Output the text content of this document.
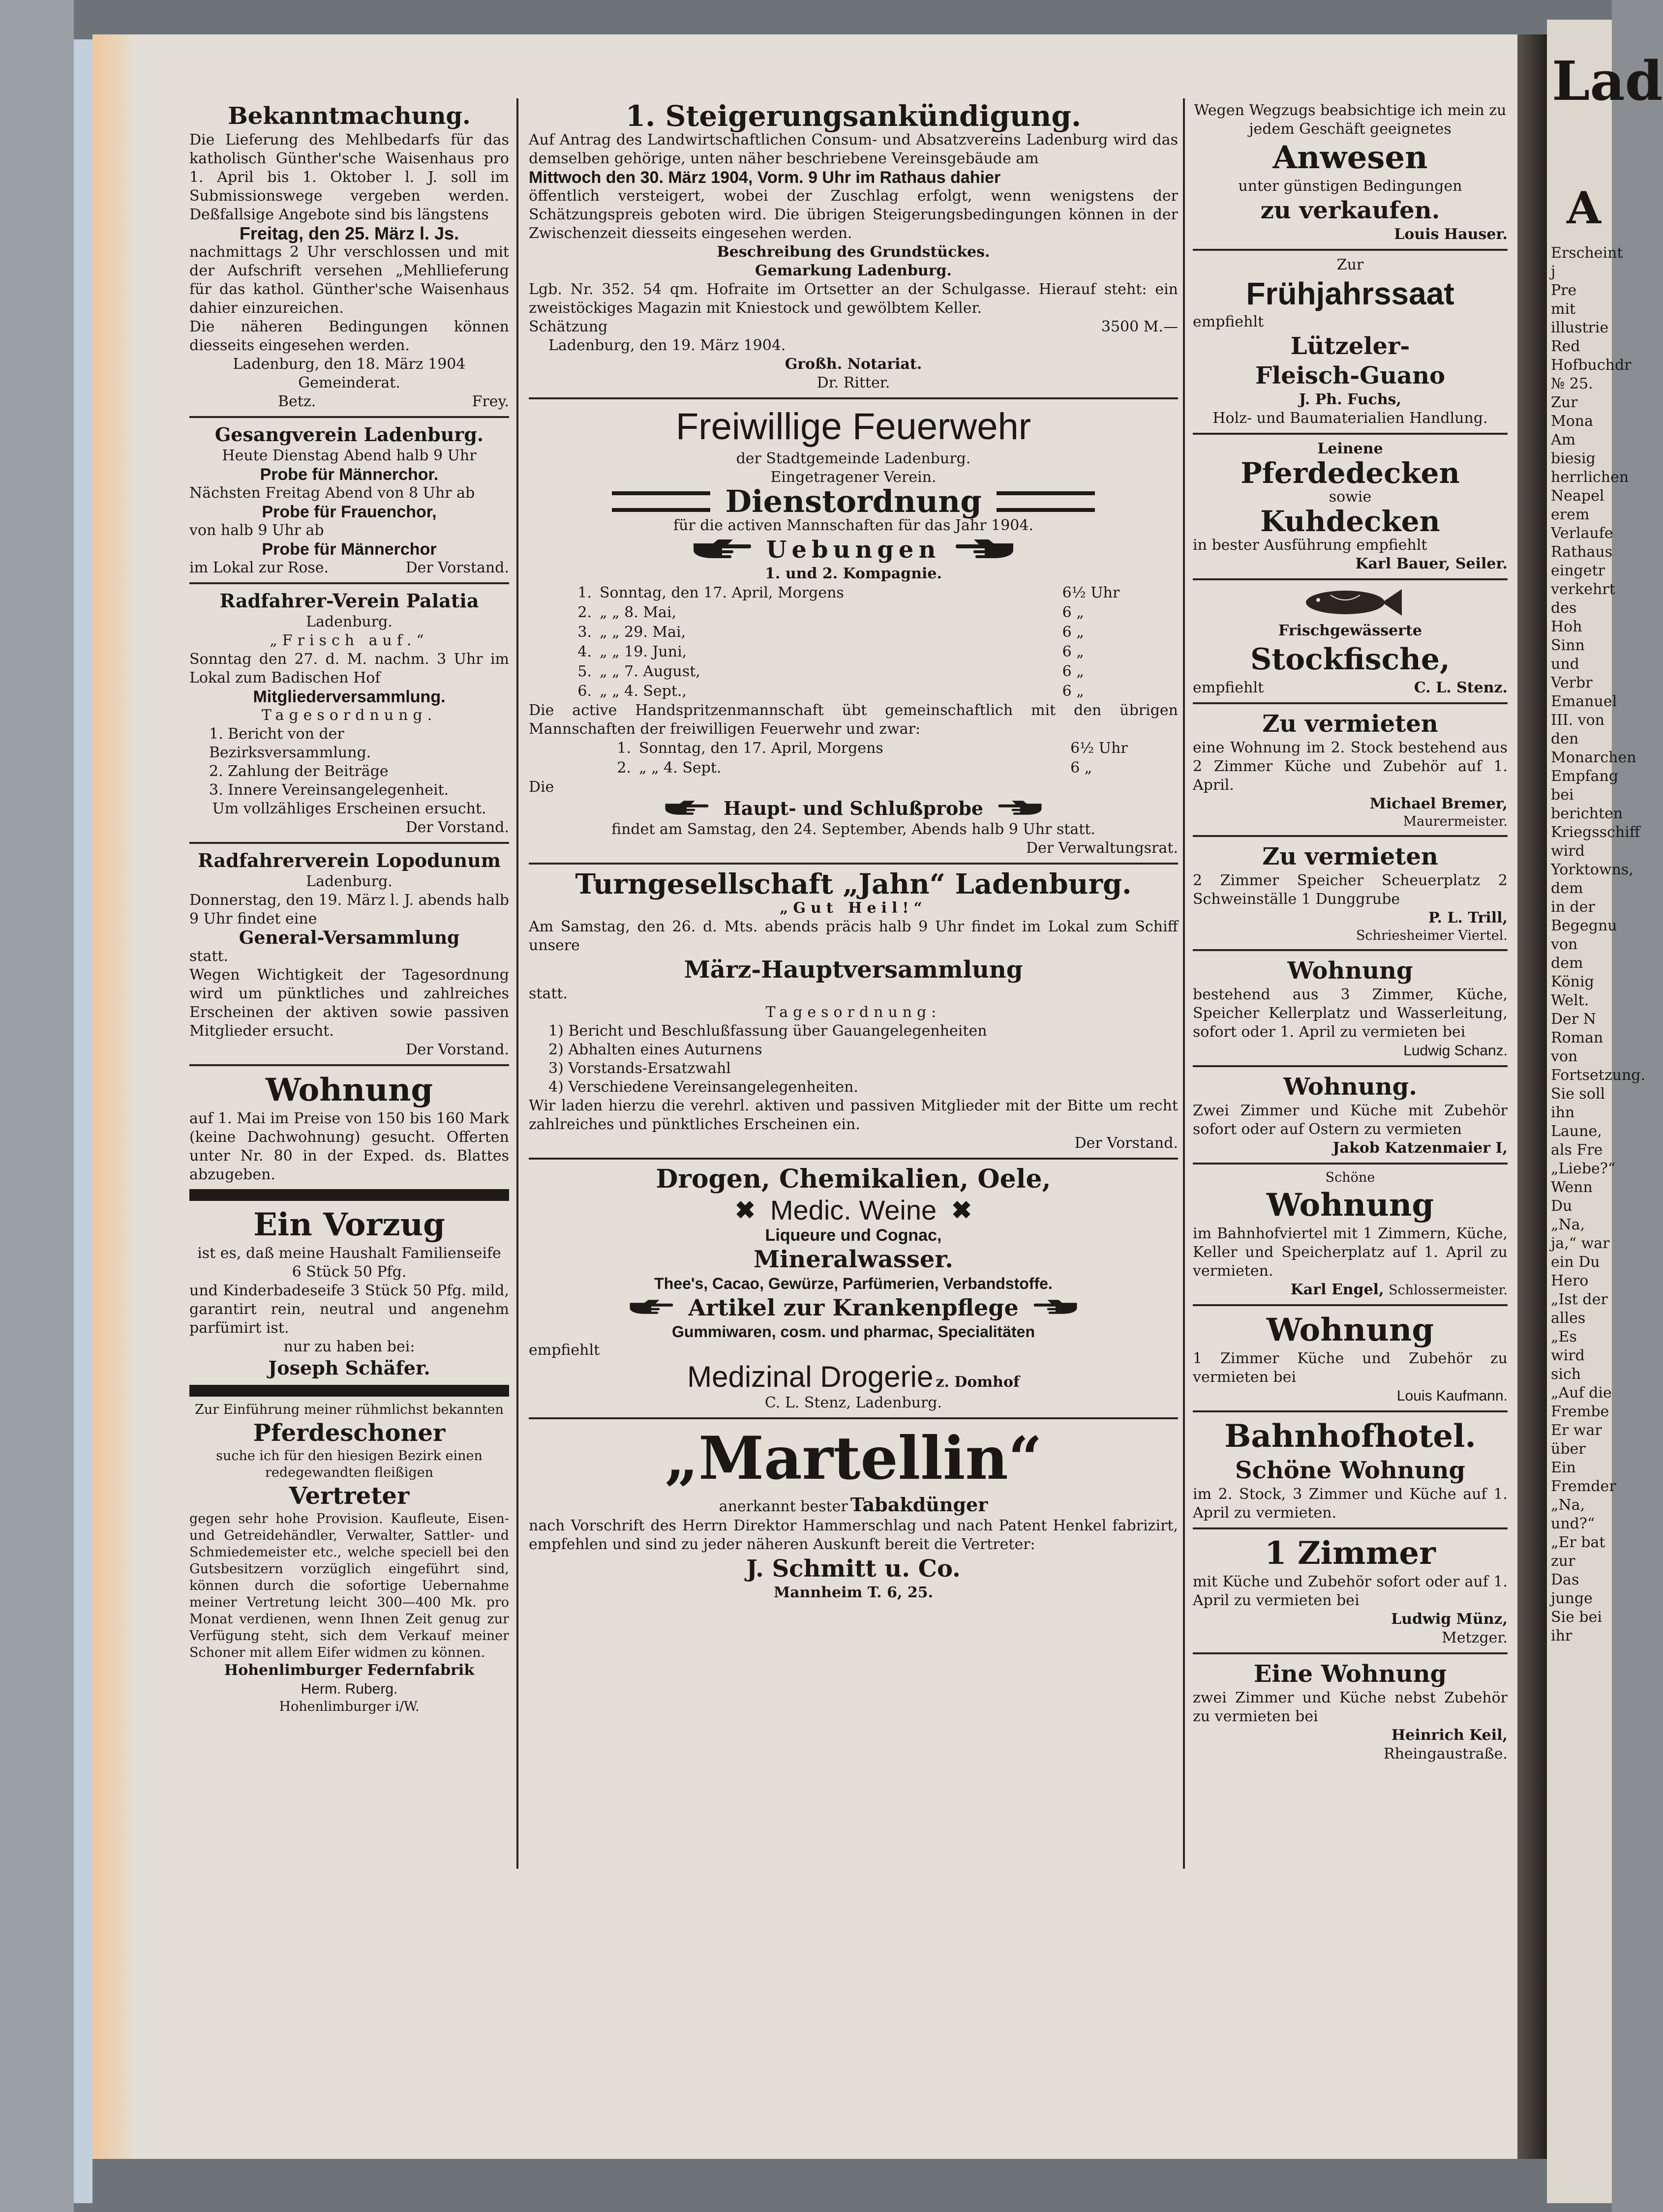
Lad
A
Erscheint j
Pre
mit illustrie
Red
Hofbuchdr
№ 25.
Zur Mona
Am biesig
herrlichen Neapel
erem Verlaufe
Rathaus eingetr
verkehrt des Hoh
Sinn und Verbr
Emanuel III. von
den Monarchen
Empfang bei
berichten
Kriegsschiff wird
Yorktowns, dem
in der Begegnu
von dem König
Welt.
Der N
Roman von
Fortsetzung.
Sie soll ihn
Laune, als Fre
„Liebe?“ Wenn Du
„Na, ja,“ war
ein Du Hero
„Ist der alles
„Es wird sich
„Auf die Frembe
Er war über
Ein Fremder
„Na, und?“
„Er bat zur
Das junge
Sie bei ihr
Bekanntmachung.
Die Lieferung des Mehlbedarfs für das katholisch Günther'sche Waisenhaus pro 1. April bis 1. Oktober l. J. soll im Submissionswege vergeben werden. Deßfallsige Angebote sind bis längstens
Freitag, den 25. März l. Js.
nachmittags 2 Uhr verschlossen und mit der Aufschrift versehen „Mehllieferung für das kathol. Günther'sche Waisenhaus dahier einzureichen.
Die näheren Bedingungen können diesseits eingesehen werden.
Ladenburg, den 18. März 1904
Gemeinderat.
Betz.	Frey.
Gesangverein Ladenburg.
Heute Dienstag Abend halb 9 Uhr
Probe für Männerchor.
Nächsten Freitag Abend von 8 Uhr ab
Probe für Frauenchor,
von halb 9 Uhr ab
Probe für Männerchor
im Lokal zur Rose.	Der Vorstand.
Radfahrer-Verein Palatia
Ladenburg.
„Frisch auf.“
Sonntag den 27. d. M. nachm. 3 Uhr im Lokal zum Badischen Hof
Mitgliederversammlung.
Tagesordnung.
1. Bericht von der Bezirksversammlung.
2. Zahlung der Beiträge
3. Innere Vereinsangelegenheit.
Um vollzähliges Erscheinen ersucht.
Der Vorstand.
Radfahrerverein Lopodunum
Ladenburg.
Donnerstag, den 19. März l. J. abends halb 9 Uhr findet eine
General-Versammlung
statt.
Wegen Wichtigkeit der Tagesordnung wird um pünktliches und zahlreiches Erscheinen der aktiven sowie passiven Mitglieder ersucht.
Der Vorstand.
Wohnung
auf 1. Mai im Preise von 150 bis 160 Mark (keine Dachwohnung) gesucht. Offerten unter Nr. 80 in der Exped. ds. Blattes abzugeben.
Ein Vorzug
ist es, daß meine Haushalt Familienseife
6 Stück 50 Pfg.
und Kinderbadeseife 3 Stück 50 Pfg. mild, garantirt rein, neutral und angenehm parfümirt ist.
nur zu haben bei:
Joseph Schäfer.
Zur Einführung meiner rühmlichst bekannten
Pferdeschoner
suche ich für den hiesigen Bezirk einen redegewandten fleißigen
Vertreter
gegen sehr hohe Provision. Kaufleute, Eisen- und Getreidehändler, Verwalter, Sattler- und Schmiedemeister etc., welche speciell bei den Gutsbesitzern vorzüglich eingeführt sind, können durch die sofortige Uebernahme meiner Vertretung leicht 300—400 Mk. pro Monat verdienen, wenn Ihnen Zeit genug zur Verfügung steht, sich dem Verkauf meiner Schoner mit allem Eifer widmen zu können.
Hohenlimburger Federnfabrik
Herm. Ruberg.
Hohenlimburger i/W.
1. Steigerungsankündigung.
Auf Antrag des Landwirtschaftlichen Consum- und Absatzvereins Ladenburg wird das demselben gehörige, unten näher beschriebene Vereinsgebäude am
Mittwoch den 30. März 1904, Vorm. 9 Uhr im Rathaus dahier
öffentlich versteigert, wobei der Zuschlag erfolgt, wenn wenigstens der Schätzungspreis geboten wird. Die übrigen Steigerungsbedingungen können in der Zwischenzeit diesseits eingesehen werden.
Beschreibung des Grundstückes.
Gemarkung Ladenburg.
Lgb. Nr. 352. 54 qm. Hofraite im Ortsetter an der Schulgasse. Hierauf steht: ein zweistöckiges Magazin mit Kniestock und gewölbtem Keller.
Schätzung	3500 M.—
Ladenburg, den 19. März 1904.
Großh. Notariat.
Dr. Ritter.
Freiwillige Feuerwehr
der Stadtgemeinde Ladenburg.
Eingetragener Verein.
Dienstordnung
für die activen Mannschaften für das Jahr 1904.
Uebungen
1. und 2. Kompagnie.
1.	Sonntag, den 17. April, Morgens	6½ Uhr
2.	„ „ 8. Mai,	6 „
3.	„ „ 29. Mai,	6 „
4.	„ „ 19. Juni,	6 „
5.	„ „ 7. August,	6 „
6.	„ „ 4. Sept.,	6 „
Die active Handspritzenmannschaft übt gemeinschaftlich mit den übrigen Mannschaften der freiwilligen Feuerwehr und zwar:
1.	Sonntag, den 17. April, Morgens	6½ Uhr
2.	„ „ 4. Sept.	6 „
Die
Haupt- und Schlußprobe
findet am Samstag, den 24. September, Abends halb 9 Uhr statt.
Der Verwaltungsrat.
Turngesellschaft „Jahn“ Ladenburg.
„Gut Heil!“
Am Samstag, den 26. d. Mts. abends präcis halb 9 Uhr findet im Lokal zum Schiff unsere
März-Hauptversammlung
statt.
Tagesordnung:
1) Bericht und Beschlußfassung über Gauangelegenheiten
2) Abhalten eines Auturnens
3) Vorstands-Ersatzwahl
4) Verschiedene Vereinsangelegenheiten.
Wir laden hierzu die verehrl. aktiven und passiven Mitglieder mit der Bitte um recht zahlreiches und pünktliches Erscheinen ein.
Der Vorstand.
Drogen, Chemikalien, Oele,
✖ Medic. Weine ✖
Liqueure und Cognac,
Mineralwasser.
Thee's, Cacao, Gewürze, Parfümerien, Verbandstoffe.
Artikel zur Krankenpflege
Gummiwaren, cosm. und pharmac, Specialitäten
empfiehlt
Medizinal Drogerie z. Domhof
C. L. Stenz, Ladenburg.
„Martellin“
anerkannt bester Tabakdünger
nach Vorschrift des Herrn Direktor Hammerschlag und nach Patent Henkel fabrizirt, empfehlen und sind zu jeder näheren Auskunft bereit die Vertreter:
J. Schmitt u. Co.
Mannheim T. 6, 25.
Wegen Wegzugs beabsichtige ich mein zu jedem Geschäft geeignetes
Anwesen
unter günstigen Bedingungen
zu verkaufen.
Louis Hauser.
Zur
Frühjahrssaat
empfiehlt
Lützeler-
Fleisch-Guano
J. Ph. Fuchs,
Holz- und Baumaterialien Handlung.
Leinene
Pferdedecken
sowie
Kuhdecken
in bester Ausführung empfiehlt
Karl Bauer, Seiler.
Frischgewässerte
Stockfische,
empfiehlt	C. L. Stenz.
Zu vermieten
eine Wohnung im 2. Stock bestehend aus 2 Zimmer Küche und Zubehör auf 1. April.
Michael Bremer,
Maurermeister.
Zu vermieten
2 Zimmer Speicher Scheuerplatz 2 Schweinställe 1 Dunggrube
P. L. Trill,
Schriesheimer Viertel.
Wohnung
bestehend aus 3 Zimmer, Küche, Speicher Kellerplatz und Wasserleitung, sofort oder 1. April zu vermieten bei
Ludwig Schanz.
Wohnung.
Zwei Zimmer und Küche mit Zubehör sofort oder auf Ostern zu vermieten
Jakob Katzenmaier I,
Schöne
Wohnung
im Bahnhofviertel mit 1 Zimmern, Küche, Keller und Speicherplatz auf 1. April zu vermieten.
Karl Engel, Schlossermeister.
Wohnung
1 Zimmer Küche und Zubehör zu vermieten bei
Louis Kaufmann.
Bahnhofhotel.
Schöne Wohnung
im 2. Stock, 3 Zimmer und Küche auf 1. April zu vermieten.
1 Zimmer
mit Küche und Zubehör sofort oder auf 1. April zu vermieten bei
Ludwig Münz,
Metzger.
Eine Wohnung
zwei Zimmer und Küche nebst Zubehör zu vermieten bei
Heinrich Keil,
Rheingaustraße.
